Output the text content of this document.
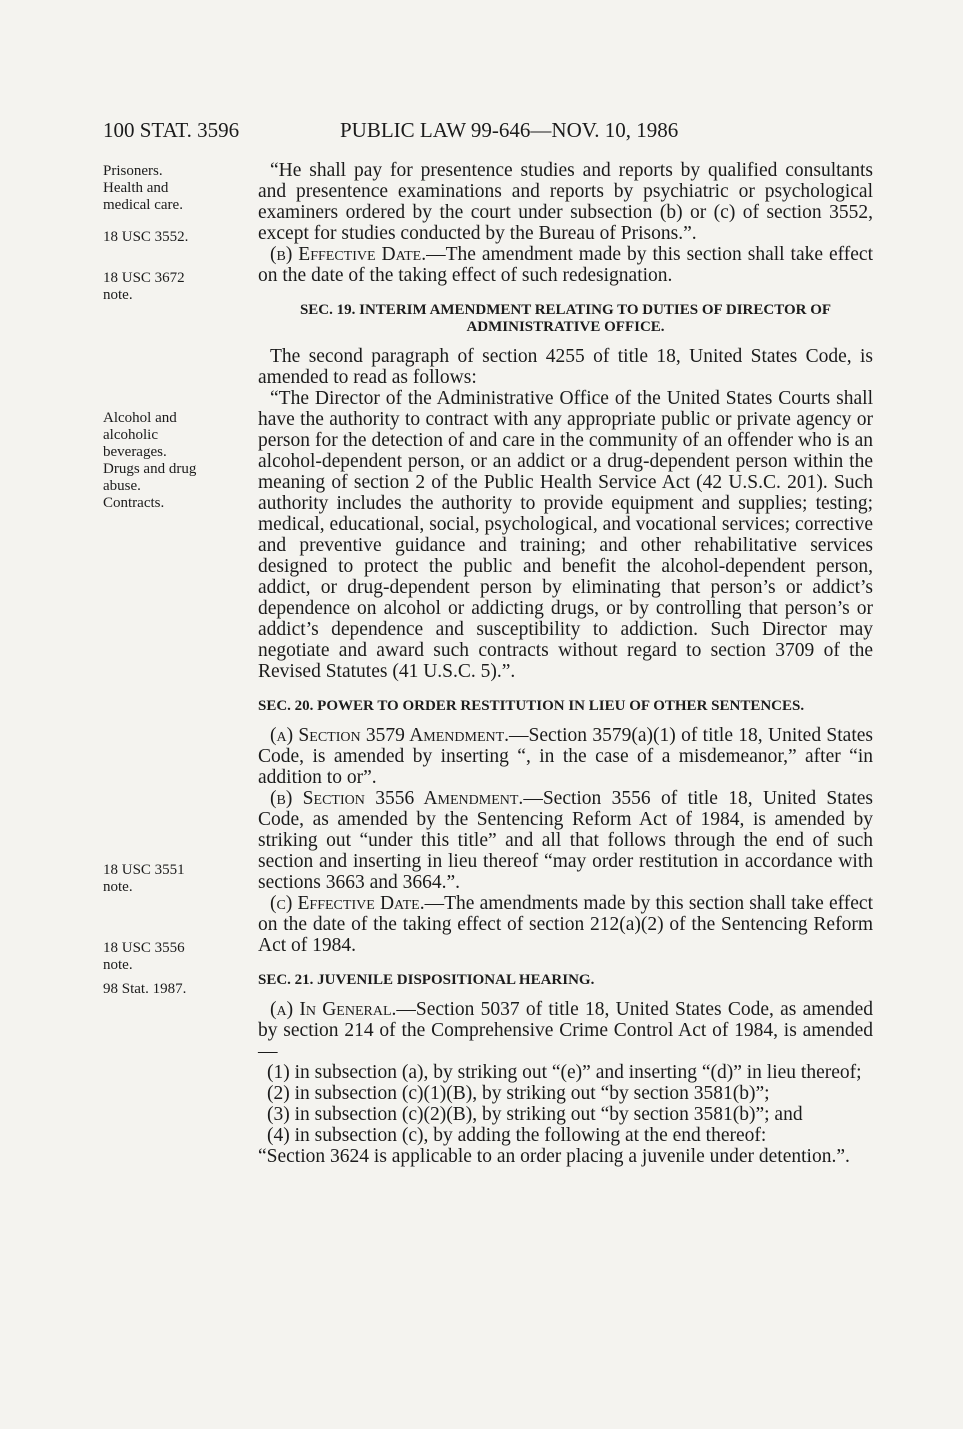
100 STAT. 3596	PUBLIC LAW 99-646—NOV. 10, 1986
Prisoners.
Health and
medical care.
18 USC 3552.
18 USC 3672
note.
Alcohol and
alcoholic
beverages.
Drugs and drug
abuse.
Contracts.
18 USC 3551
note.
18 USC 3556
note.
98 Stat. 1987.

“He shall pay for presentence studies and reports by qualified consultants and presentence examinations and reports by psychiatric or psychological examiners ordered by the court under subsection (b) or (c) of section 3552, except for studies conducted by the Bureau of Prisons.”.

(b) Effective Date.—The amendment made by this section shall take effect on the date of the taking effect of such redesignation.

SEC. 19. INTERIM AMENDMENT RELATING TO DUTIES OF DIRECTOR OF ADMINISTRATIVE OFFICE.

The second paragraph of section 4255 of title 18, United States Code, is amended to read as follows:

“The Director of the Administrative Office of the United States Courts shall have the authority to contract with any appropriate public or private agency or person for the detection of and care in the community of an offender who is an alcohol-dependent person, or an addict or a drug-dependent person within the meaning of section 2 of the Public Health Service Act (42 U.S.C. 201). Such authority includes the authority to provide equipment and supplies; testing; medical, educational, social, psychological, and vocational services; corrective and preventive guidance and training; and other rehabilitative services designed to protect the public and benefit the alcohol-dependent person, addict, or drug-dependent person by eliminating that person’s or addict’s dependence on alcohol or addicting drugs, or by controlling that person’s or addict’s dependence and susceptibility to addiction. Such Director may negotiate and award such contracts without regard to section 3709 of the Revised Statutes (41 U.S.C. 5).”.

SEC. 20. POWER TO ORDER RESTITUTION IN LIEU OF OTHER SENTENCES.

(a) Section 3579 Amendment.—Section 3579(a)(1) of title 18, United States Code, is amended by inserting “, in the case of a misdemeanor,” after “in addition to or”.

(b) Section 3556 Amendment.—Section 3556 of title 18, United States Code, as amended by the Sentencing Reform Act of 1984, is amended by striking out “under this title” and all that follows through the end of such section and inserting in lieu thereof “may order restitution in accordance with sections 3663 and 3664.”.

(c) Effective Date.—The amendments made by this section shall take effect on the date of the taking effect of section 212(a)(2) of the Sentencing Reform Act of 1984.

SEC. 21. JUVENILE DISPOSITIONAL HEARING.

(a) In General.—Section 5037 of title 18, United States Code, as amended by section 214 of the Comprehensive Crime Control Act of 1984, is amended—

(1) in subsection (a), by striking out “(e)” and inserting “(d)” in lieu thereof;

(2) in subsection (c)(1)(B), by striking out “by section 3581(b)”;

(3) in subsection (c)(2)(B), by striking out “by section 3581(b)”; and

(4) in subsection (c), by adding the following at the end thereof:

“Section 3624 is applicable to an order placing a juvenile under detention.”.
